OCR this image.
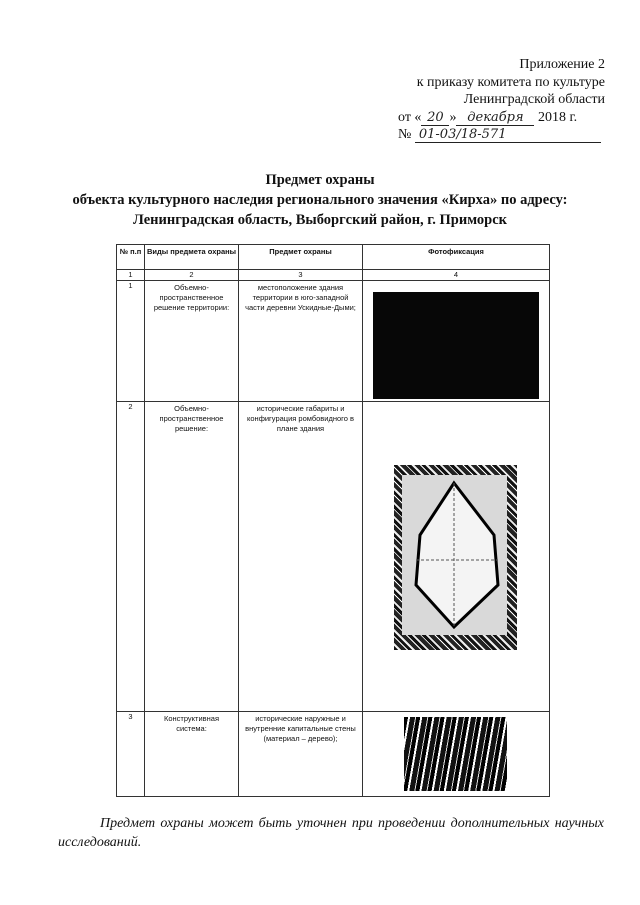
Приложение 2
к приказу комитета по культуре
Ленинградской области
от « 20 » декабря 2018 г.
№ 01-03/18-571
Предмет охраны
объекта культурного наследия регионального значения «Кирха» по адресу:
Ленинградская область, Выборгский район, г. Приморск
№ п.п	Виды предмета охраны	Предмет охраны	Фотофиксация
1	2	3	4
1	Объемно-пространственное решение территории:	местоположение здания территории в юго-западной части деревни Ускидные-Дыми;	

2	Объемно-пространственное решение:	исторические габариты и конфигурация ромбовидного в плане здания

3	Конструктивная система:	исторические наружные и внутренние капитальные стены (материал – дерево);	

Предмет охраны может быть уточнен при проведении дополнительных научных исследований.
